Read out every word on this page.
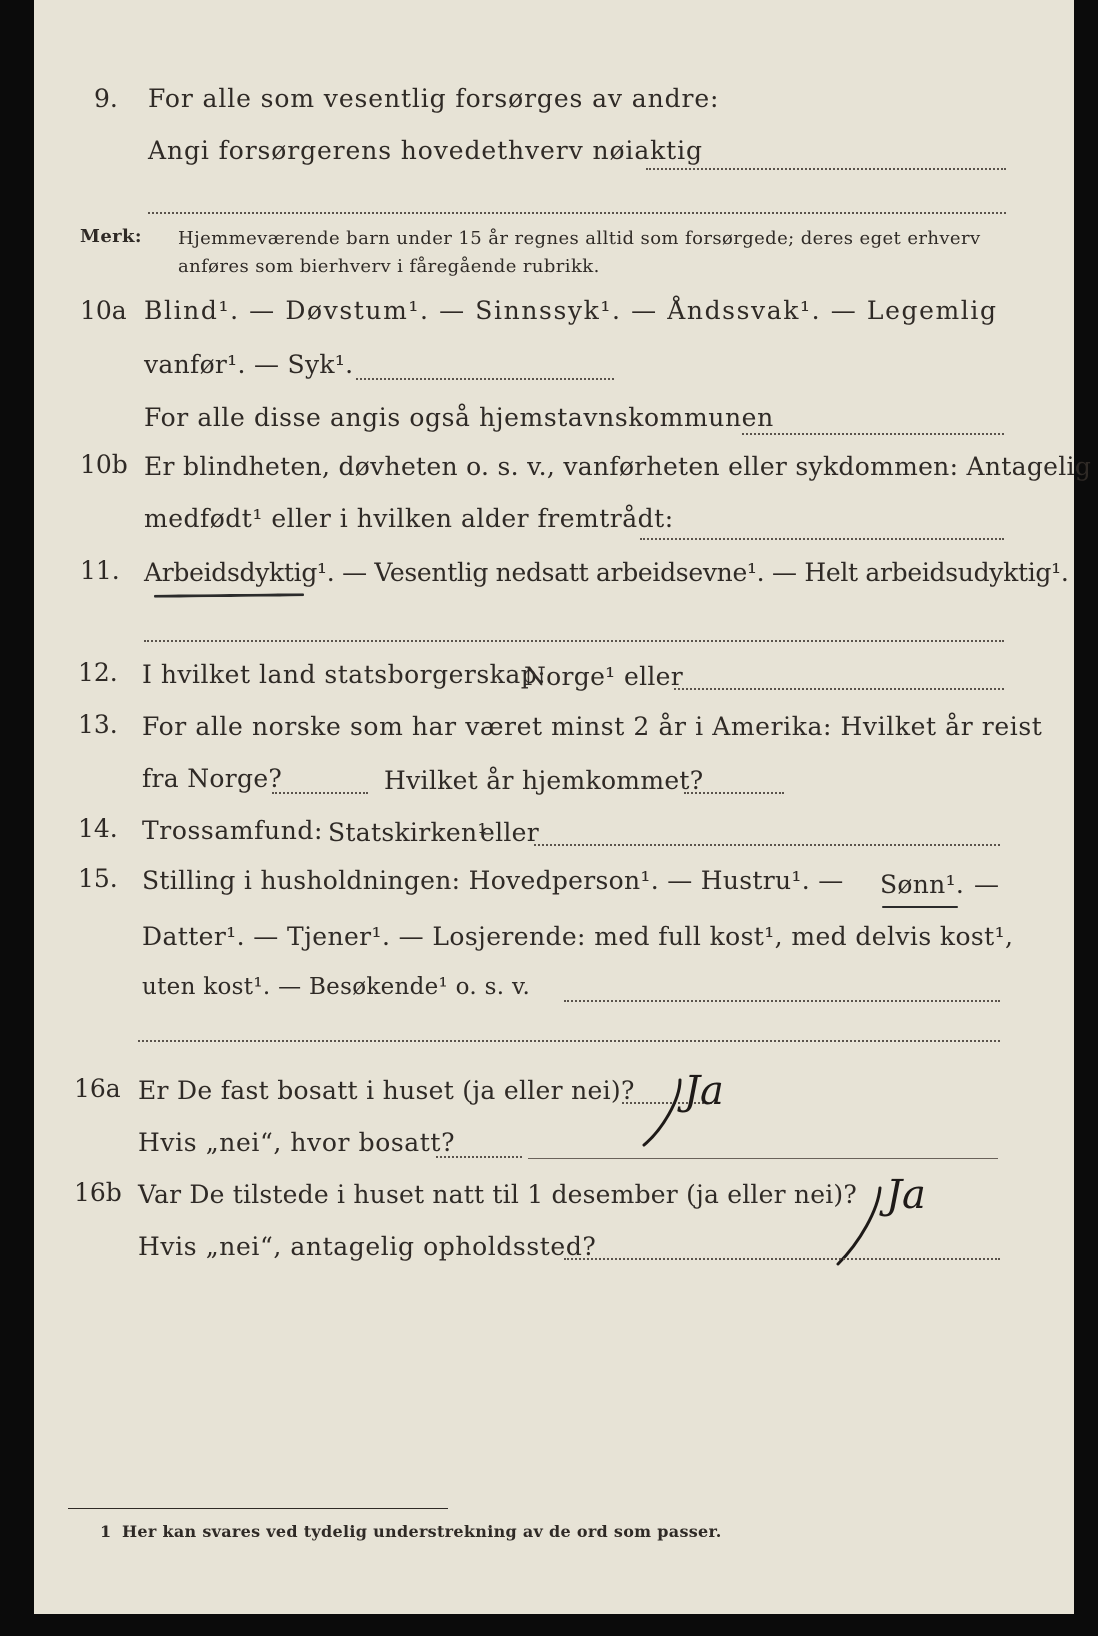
9. For alle som vesentlig forsørges av andre:
Angi forsørgerens hovedethverv nøiaktig
Merk: Hjemmeværende barn under 15 år regnes alltid som forsørgede; deres eget erhverv
anføres som bierhverv i fåregående rubrikk.
10a Blind¹. — Døvstum¹. — Sinnssyk¹. — Åndssvak¹. — Legemlig
vanfør¹. — Syk¹.
For alle disse angis også hjemstavnskommunen
10b Er blindheten, døvheten o. s. v., vanførheten eller sykdommen: Antagelig
medfødt¹ eller i hvilken alder fremtrådt:
11. Arbeidsdyktig¹. — Vesentlig nedsatt arbeidsevne¹. — Helt arbeidsudyktig¹.
12. I hvilket land statsborgerskap:
Norge¹ eller
13. For alle norske som har været minst 2 år i Amerika: Hvilket år reist
fra Norge?	Hvilket år hjemkommet?
14. Trossamfund: Statskirken¹
eller
15. Stilling i husholdningen: Hovedperson¹. — Hustru¹. — Sønn¹. —
Datter¹. — Tjener¹. — Losjerende: med full kost¹, med delvis kost¹,
uten kost¹. — Besøkende¹ o. s. v.
16a Er De fast bosatt i huset (ja eller nei)? Ja
Hvis „nei“, hvor bosatt?
16b Var De tilstede i huset natt til 1 desember (ja eller nei)? Ja
Hvis „nei“, antagelig opholdssted?
1 Her kan svares ved tydelig understrekning av de ord som passer.
